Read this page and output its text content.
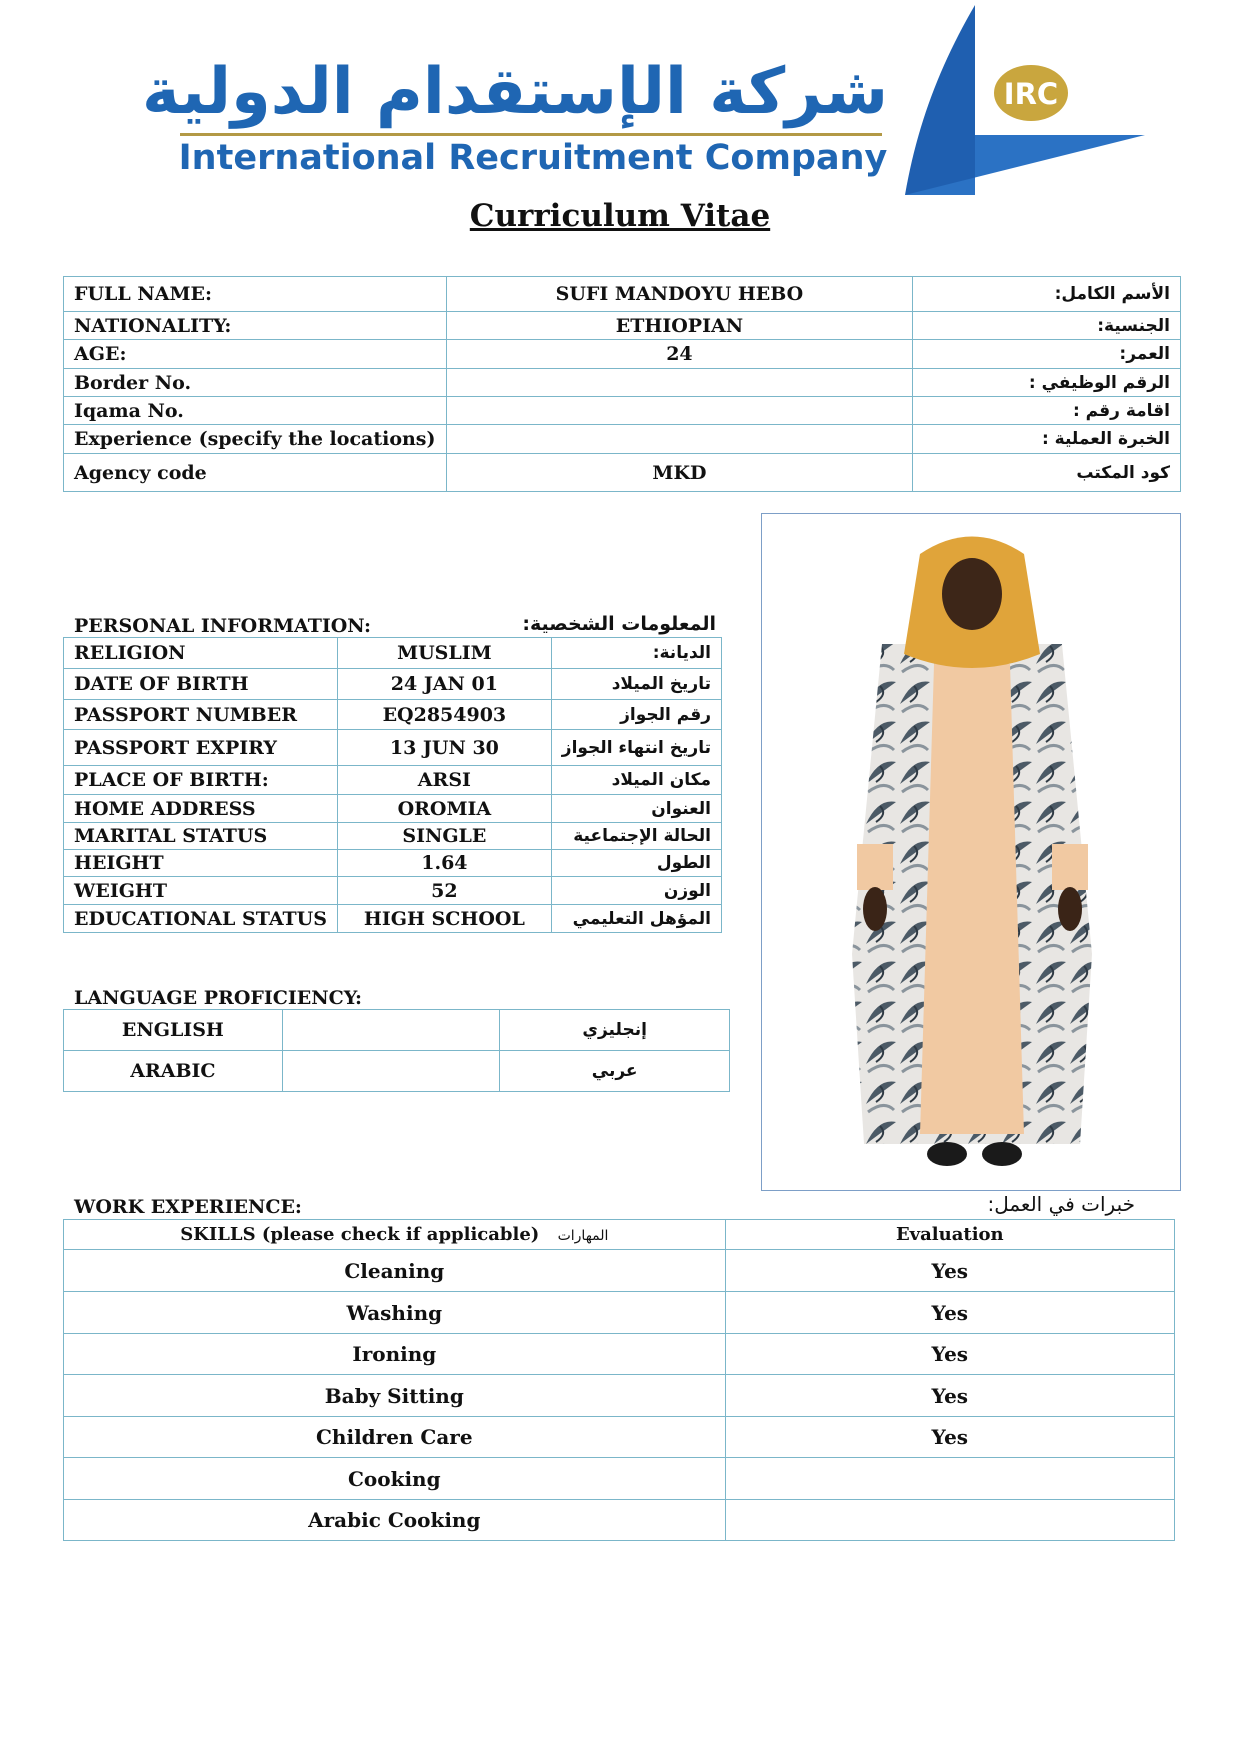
شركة الإستقدام الدولية
International Recruitment Company
IRC
Curriculum Vitae
FULL NAME:	SUFI MANDOYU HEBO	الأسم الكامل:
NATIONALITY:	ETHIOPIAN	الجنسية:
AGE:	24	العمر:
Border No.		الرقم الوظيفي :
Iqama No.		اقامة رقم :
Experience (specify the locations)		الخبرة العملية :
Agency code	MKD	كود المكتب
PERSONAL INFORMATION:	المعلومات الشخصية:
RELIGION	MUSLIM	الديانة:
DATE OF BIRTH	24 JAN 01	تاريخ الميلاد
PASSPORT NUMBER	EQ2854903	رقم الجواز
PASSPORT EXPIRY	13 JUN 30	تاريخ انتهاء الجواز
PLACE OF BIRTH:	ARSI	مكان الميلاد
HOME ADDRESS	OROMIA	العنوان
MARITAL STATUS	SINGLE	الحالة الإجتماعية
HEIGHT	1.64	الطول
WEIGHT	52	الوزن
EDUCATIONAL STATUS	HIGH SCHOOL	المؤهل التعليمي
LANGUAGE PROFICIENCY:
ENGLISH		إنجليزي
ARABIC		عربي
WORK EXPERIENCE:	خبرات في العمل:
SKILLS (please check if applicable) المهارات	Evaluation
Cleaning	Yes
Washing	Yes
Ironing	Yes
Baby Sitting	Yes
Children Care	Yes
Cooking	
Arabic Cooking	
